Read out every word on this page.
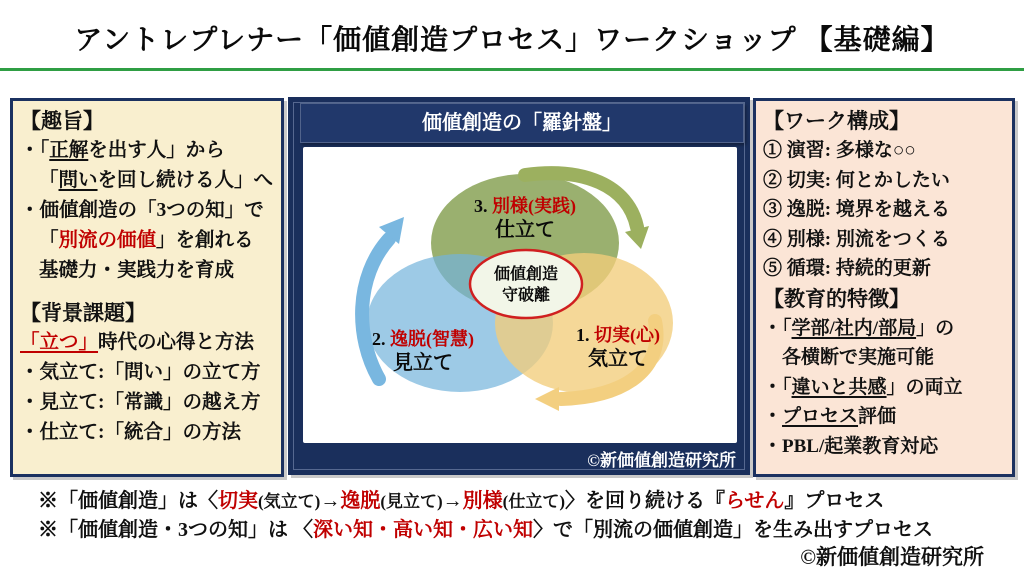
アントレプレナー「価値創造プロセス」ワークショップ 【基礎編】
【趣旨】
・「正解を出す人」から
「問いを回し続ける人」へ
・価値創造の「3つの知」で
「別流の価値」を創れる
基礎力・実践力を育成
【背景課題】
「立つ」時代の心得と方法
・気立て:「問い」の立て方
・見立て:「常識」の越え方
・仕立て:「統合」の方法
価値創造の「羅針盤」
3. 別様(実践)
仕立て
2. 逸脱(智慧)
見立て
1. 切実(心)
気立て
価値創造
守破離
©新価値創造研究所
【ワーク構成】
① 演習: 多様な○○
② 切実: 何とかしたい
③ 逸脱: 境界を越える
④ 別様: 別流をつくる
⑤ 循環: 持続的更新
【教育的特徴】
・「学部/社内/部局」の
各横断で実施可能
・「違いと共感」の両立
・プロセス評価
・PBL/起業教育対応
※「価値創造」は〈切実(気立て)→逸脱(見立て)→別様(仕立て)〉を回り続ける『らせん』プロセス
※「価値創造・3つの知」は 〈深い知・高い知・広い知〉で「別流の価値創造」を生み出すプロセス
©新価値創造研究所
